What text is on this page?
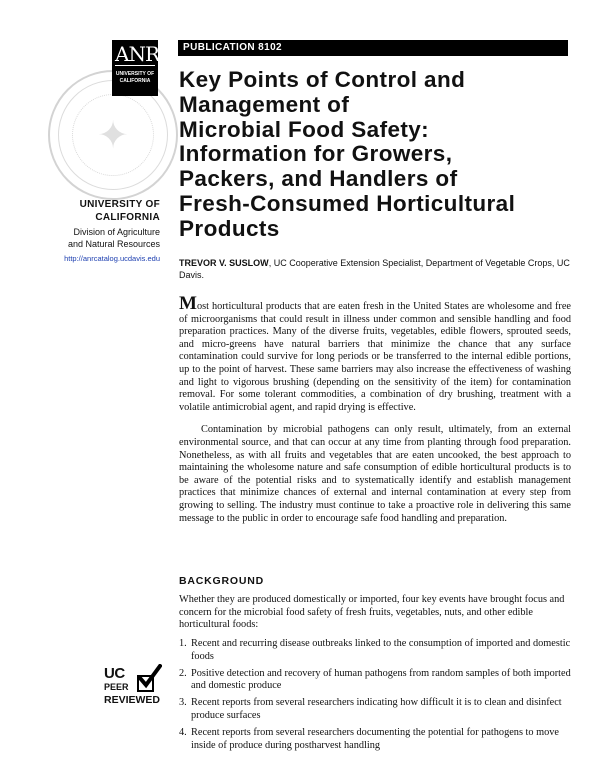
✦
ANR
UNIVERSITY OF
CALIFORNIA
PUBLICATION 8102
Key Points of Control and
Management of
Microbial Food Safety:
Information for Growers,
Packers, and Handlers of
Fresh-Consumed Horticultural
Products
UNIVERSITY OF
CALIFORNIA
Division of Agriculture
and Natural Resources
http://anrcatalog.ucdavis.edu TREVOR V. SUSLOW, UC Cooperative Extension Specialist, Department of Vegetable Crops, UC Davis.

Most horticultural products that are eaten fresh in the United States are wholesome and free of microorganisms that could result in illness under common and sensible handling and food preparation practices. Many of the diverse fruits, vegetables, edible flowers, sprouted seeds, and micro-greens have natural barriers that minimize the chance that any surface contamination could survive for long periods or be transferred to the internal edible portions, up to the point of harvest. These same barriers may also increase the effectiveness of washing and light to vigorous brushing (depending on the sensitivity of the item) for contamination removal. For some tolerant commodities, a combination of dry brushing, treatment with a volatile antimicrobial agent, and rapid drying is effective.

Contamination by microbial pathogens can only result, ultimately, from an external environmental source, and that can occur at any time from planting through food preparation. Nonetheless, as with all fruits and vegetables that are eaten uncooked, the best approach to maintaining the wholesome nature and safe consumption of edible horticultural products is to be aware of the potential risks and to systematically identify and establish management practices that minimize chances of external and internal contamination at every step from growing to selling. The industry must continue to take a proactive role in delivering this same message to the public in order to encourage safe food handling and preparation.

BACKGROUND
Whether they are produced domestically or imported, four key events have brought focus and concern for the microbial food safety of fresh fruits, vegetables, nuts, and other edible horticultural foods:
1. Recent and recurring disease outbreaks linked to the consumption of imported and domestic foods
2. Positive detection and recovery of human pathogens from random samples of both imported and domestic produce
3. Recent reports from several researchers indicating how difficult it is to clean and disinfect produce surfaces
4. Recent reports from several researchers documenting the potential for pathogens to move inside of produce during postharvest handling
UC
PEER
REVIEWED
